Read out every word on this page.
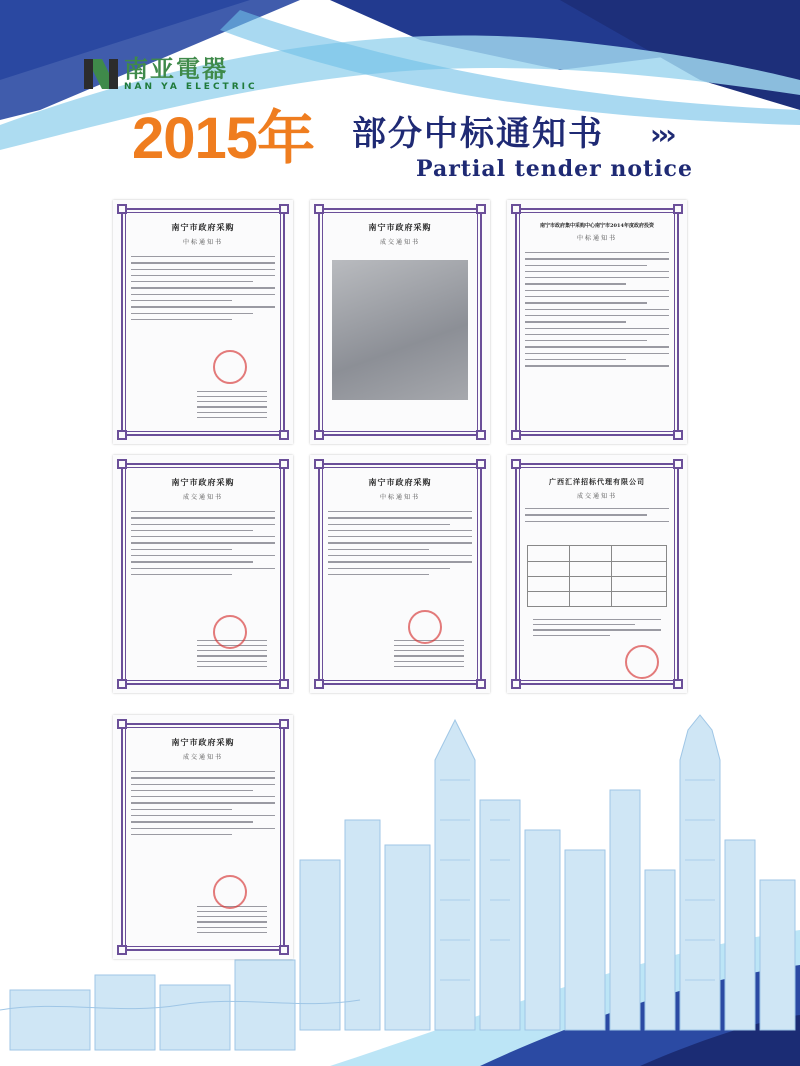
南亚電器
NAN YA ELECTRIC
2015年 部分中标通知书 ›››
Partial tender notice
南宁市政府采购
中标通知书
南宁市政府采购
成交通知书
南宁市政府集中采购中心南宁市2014年度政府投资
中标通知书
南宁市政府采购
成交通知书
南宁市政府采购
中标通知书
广西汇洋招标代理有限公司
成交通知书
南宁市政府采购
成交通知书
